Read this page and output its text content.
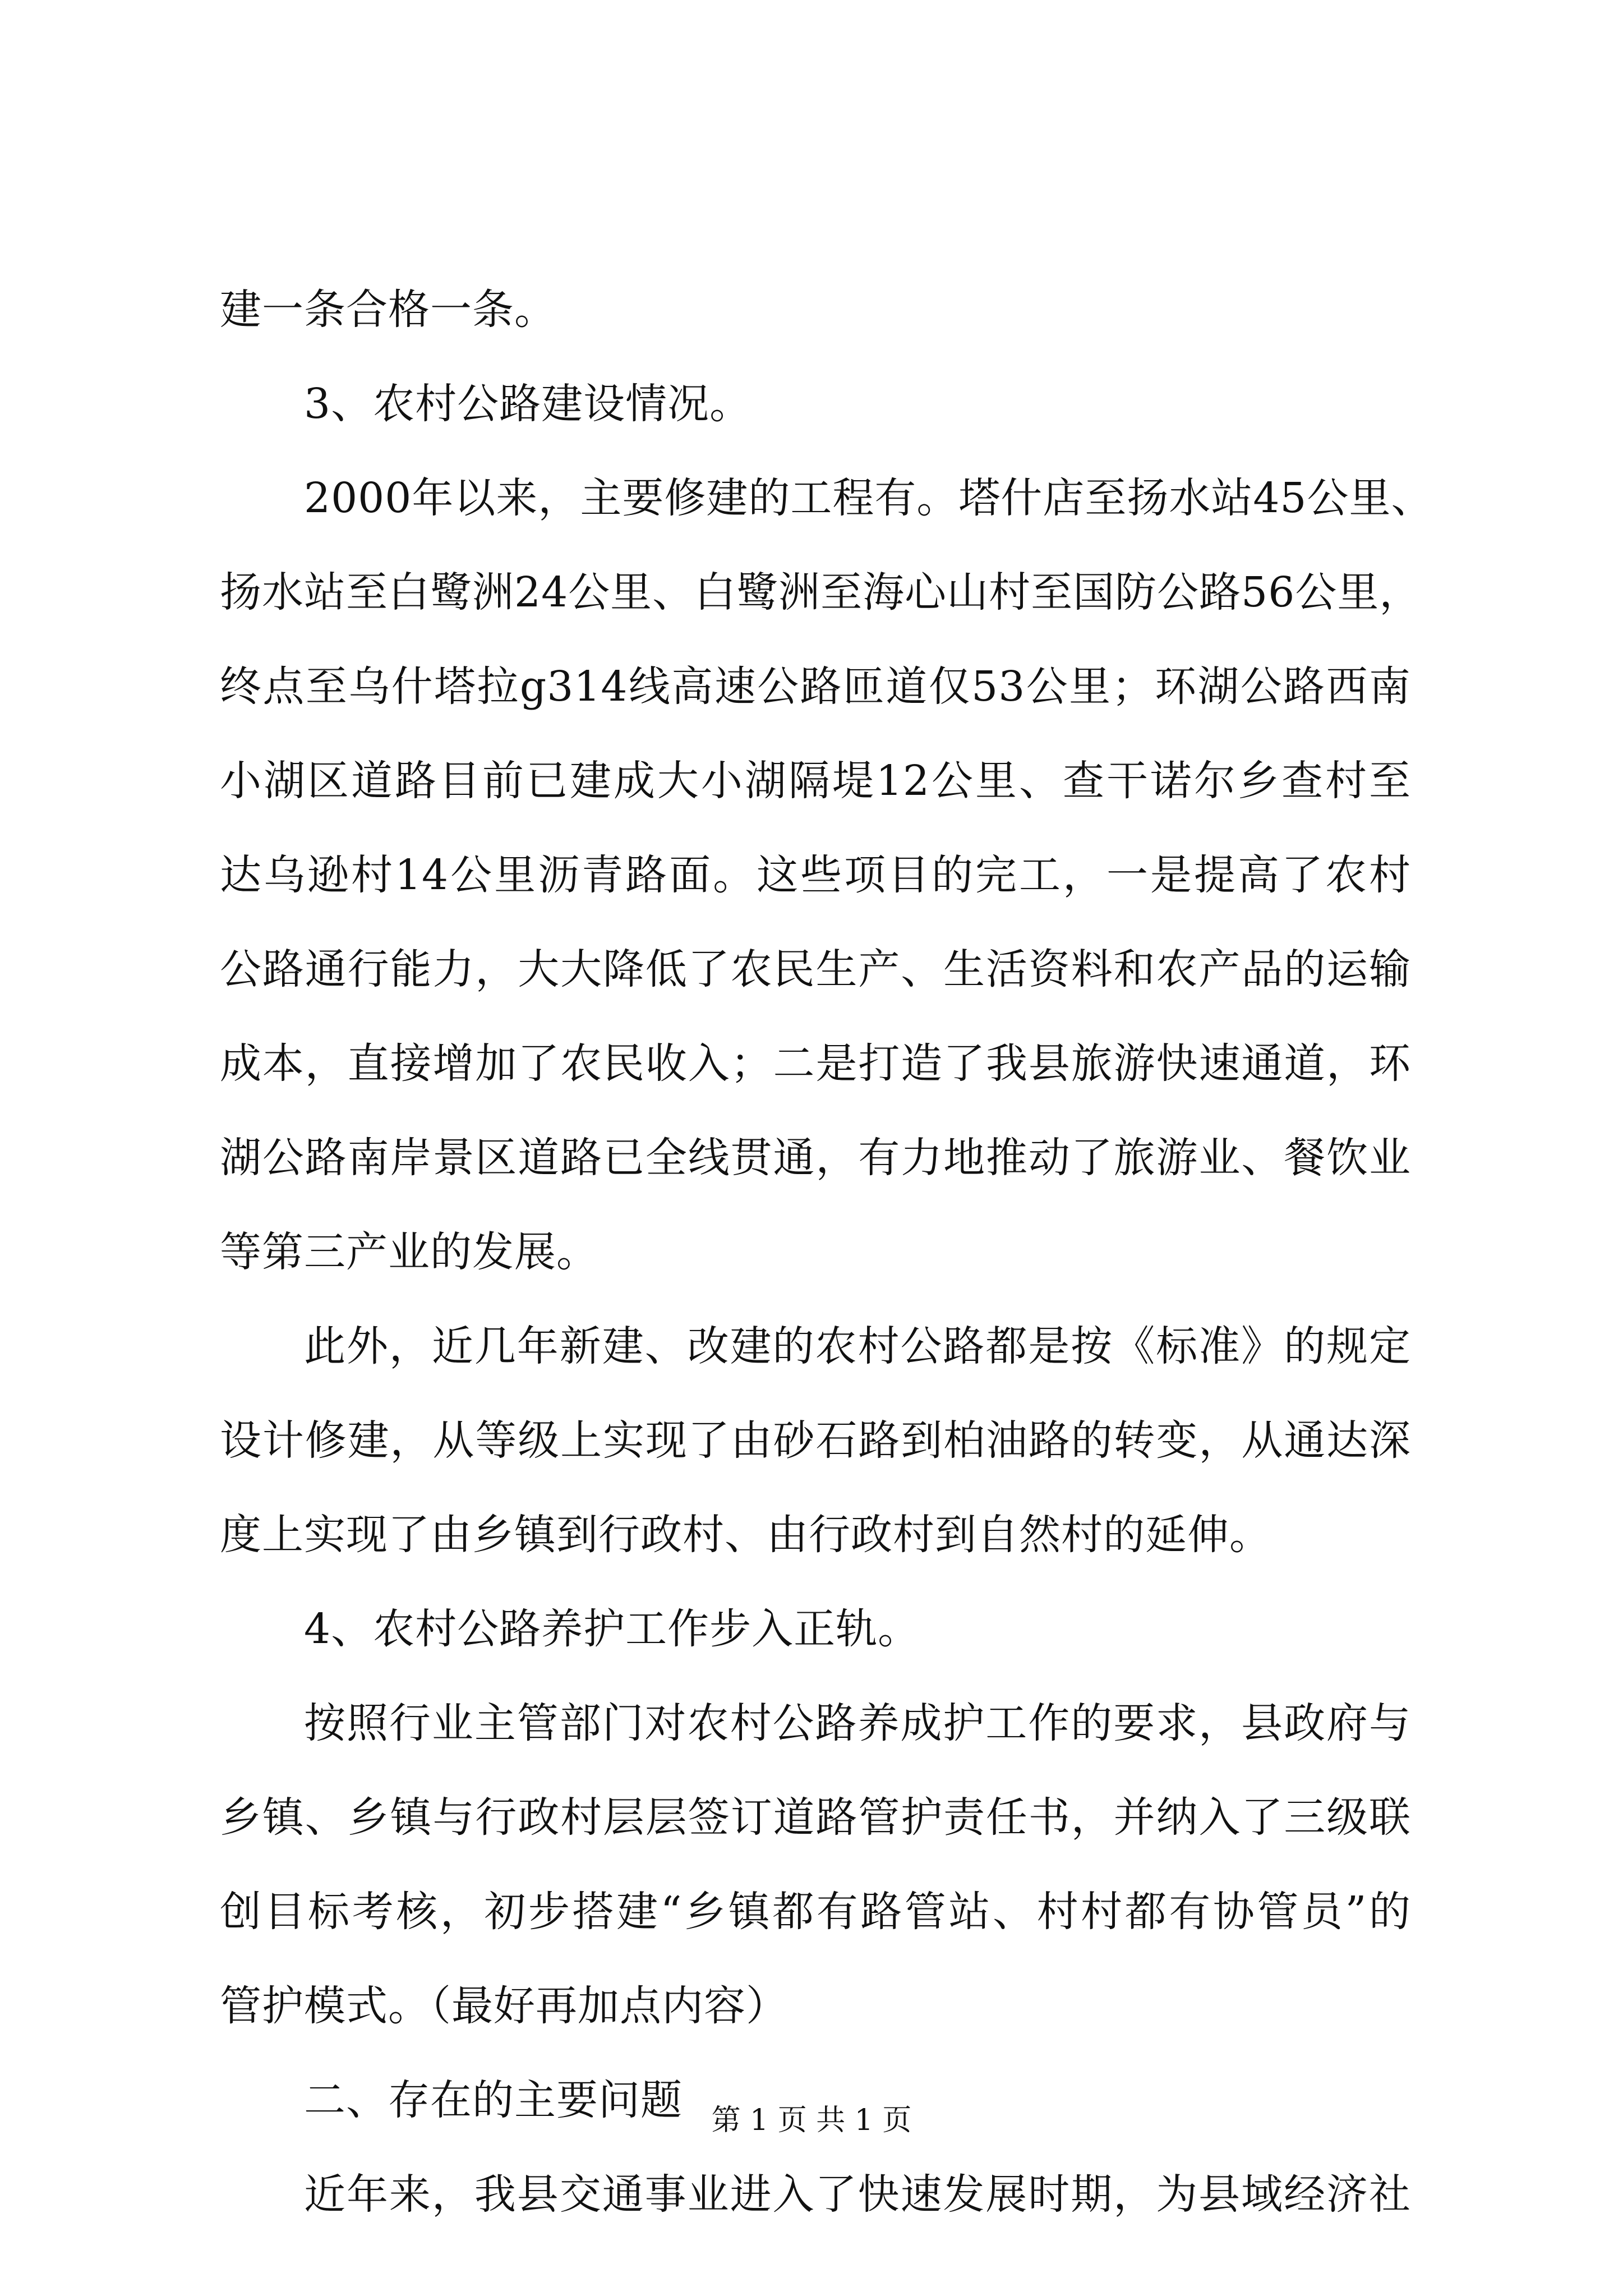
建一条合格一条。
3、农村公路建设情况。
2000年以来，主要修建的工程有。塔什店至扬水站45公里、
扬水站至白鹭洲24公里、白鹭洲至海心山村至国防公路56公里，
终点至乌什塔拉g314线高速公路匝道仅53公里；环湖公路西南
小湖区道路目前已建成大小湖隔堤12公里、查干诺尔乡查村至
达乌逊村14公里沥青路面。这些项目的完工，一是提高了农村
公路通行能力，大大降低了农民生产、生活资料和农产品的运输
成本，直接增加了农民收入；二是打造了我县旅游快速通道，环
湖公路南岸景区道路已全线贯通，有力地推动了旅游业、餐饮业
等第三产业的发展。
此外，近几年新建、改建的农村公路都是按《标准》的规定
设计修建，从等级上实现了由砂石路到柏油路的转变，从通达深
度上实现了由乡镇到行政村、由行政村到自然村的延伸。
4、农村公路养护工作步入正轨。
按照行业主管部门对农村公路养成护工作的要求，县政府与
乡镇、乡镇与行政村层层签订道路管护责任书，并纳入了三级联
创目标考核，初步搭建“乡镇都有路管站、村村都有协管员”的
管护模式。（最好再加点内容）
二、存在的主要问题
近年来，我县交通事业进入了快速发展时期，为县域经济社
第 1 页 共 1 页
